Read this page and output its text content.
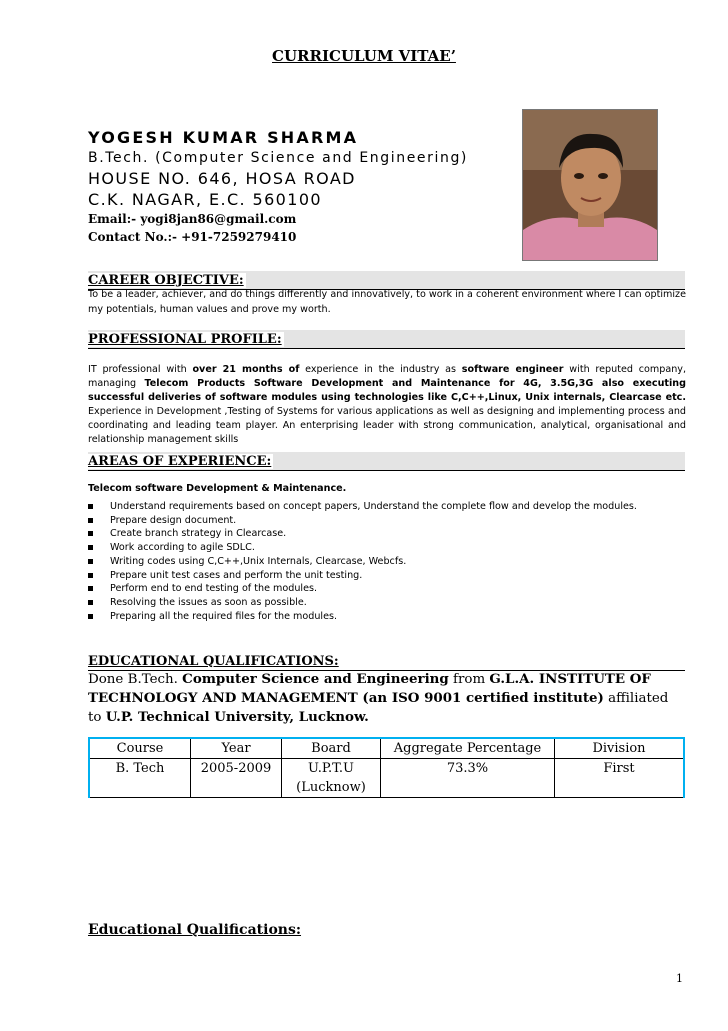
CURRICULUM VITAE’
YOGESH KUMAR SHARMA
B.Tech. (Computer Science and Engineering)
HOUSE NO. 646, HOSA ROAD
C.K. NAGAR, E.C. 560100
Email:- yogi8jan86@gmail.com
Contact No.:- +91-7259279410
CAREER OBJECTIVE:
To be a leader, achiever, and do things differently and innovatively, to work in a coherent environment where I can optimize my potentials, human values and prove my worth.
PROFESSIONAL PROFILE:
IT professional with over 21 months of experience in the industry as software engineer with reputed company, managing Telecom Products Software Development and Maintenance for 4G, 3.5G,3G also executing successful deliveries of software modules using technologies like C,C++,Linux, Unix internals, Clearcase etc. Experience in Development ,Testing of Systems for various applications as well as designing and implementing process and coordinating and leading team player. An enterprising leader with strong communication, analytical, organisational and relationship management skills
AREAS OF EXPERIENCE:
Telecom software Development & Maintenance.
Understand requirements based on concept papers, Understand the complete flow and develop the modules.
Prepare design document.
Create branch strategy in Clearcase.
Work according to agile SDLC.
Writing codes using C,C++,Unix Internals, Clearcase, Webcfs.
Prepare unit test cases and perform the unit testing.
Perform end to end testing of the modules.
Resolving the issues as soon as possible.
Preparing all the required files for the modules.
EDUCATIONAL QUALIFICATIONS:
Done B.Tech. Computer Science and Engineering from G.L.A. INSTITUTE OF TECHNOLOGY AND MANAGEMENT (an ISO 9001 certified institute) affiliated to U.P. Technical University, Lucknow.
Course	Year	Board	Aggregate Percentage	Division
B. Tech	2005-2009	U.P.T.U (Lucknow)	73.3%	First
Educational Qualifications:
1
